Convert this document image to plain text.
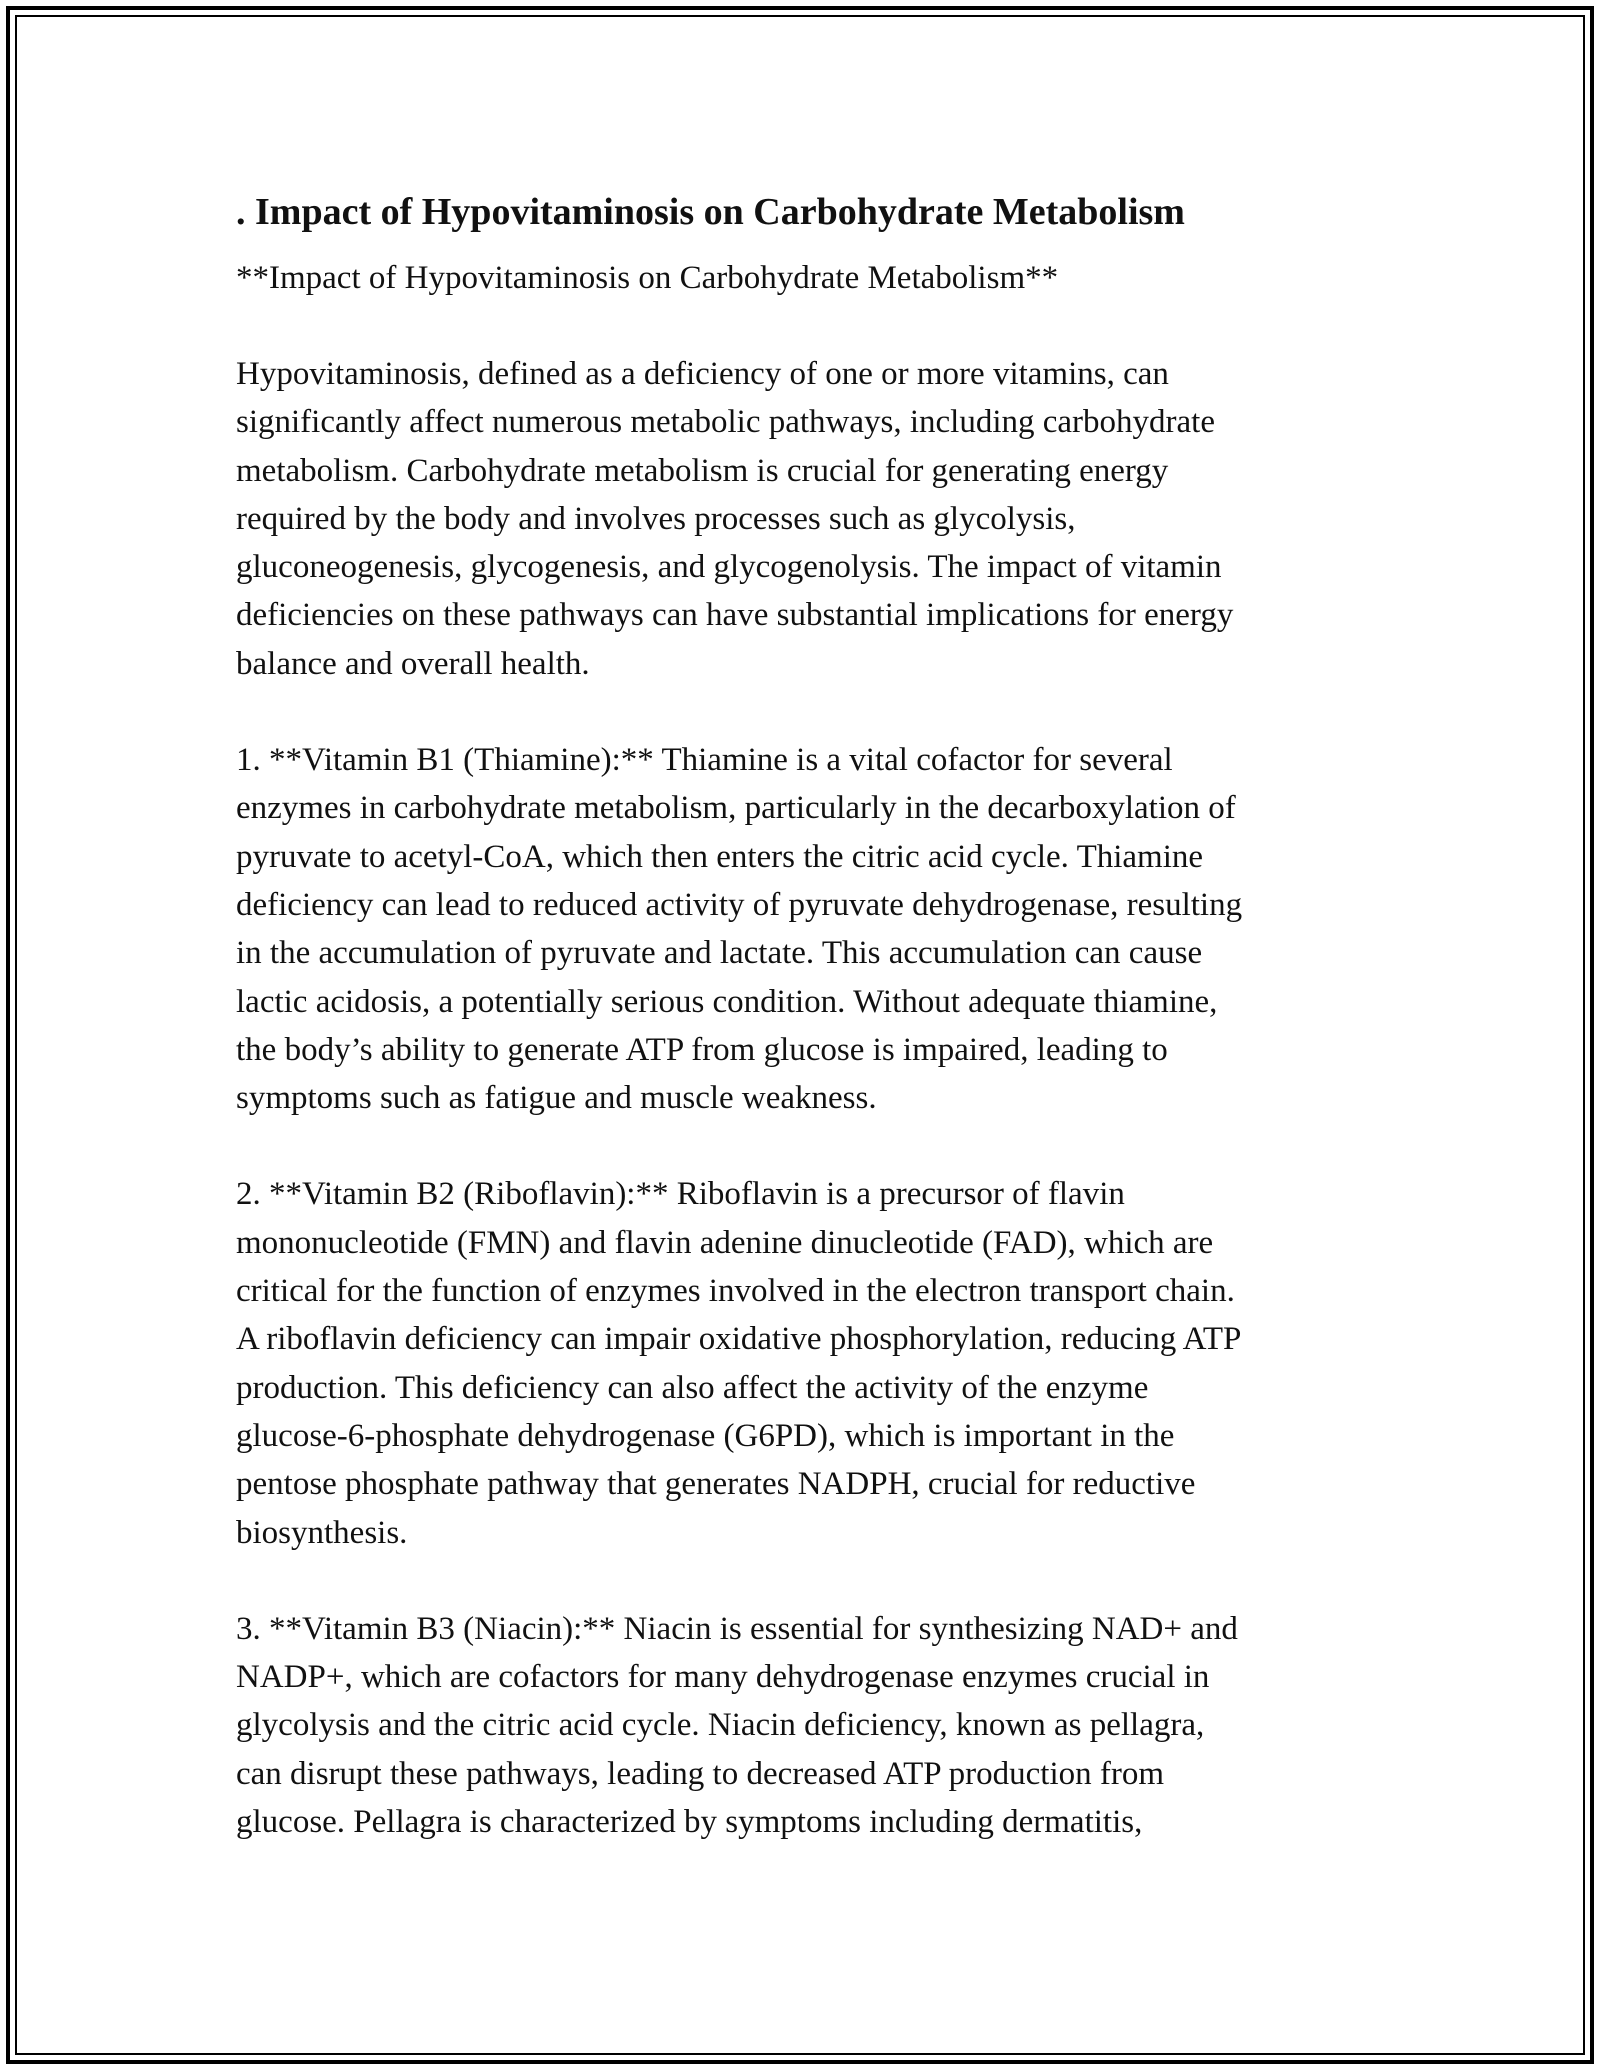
. Impact of Hypovitaminosis on Carbohydrate Metabolism

**Impact of Hypovitaminosis on Carbohydrate Metabolism**

Hypovitaminosis, defined as a deficiency of one or more vitamins, can
significantly affect numerous metabolic pathways, including carbohydrate
metabolism. Carbohydrate metabolism is crucial for generating energy
required by the body and involves processes such as glycolysis,
gluconeogenesis, glycogenesis, and glycogenolysis. The impact of vitamin
deficiencies on these pathways can have substantial implications for energy
balance and overall health.

1. **Vitamin B1 (Thiamine):** Thiamine is a vital cofactor for several
enzymes in carbohydrate metabolism, particularly in the decarboxylation of
pyruvate to acetyl-CoA, which then enters the citric acid cycle. Thiamine
deficiency can lead to reduced activity of pyruvate dehydrogenase, resulting
in the accumulation of pyruvate and lactate. This accumulation can cause
lactic acidosis, a potentially serious condition. Without adequate thiamine,
the body’s ability to generate ATP from glucose is impaired, leading to
symptoms such as fatigue and muscle weakness.

2. **Vitamin B2 (Riboflavin):** Riboflavin is a precursor of flavin
mononucleotide (FMN) and flavin adenine dinucleotide (FAD), which are
critical for the function of enzymes involved in the electron transport chain.
A riboflavin deficiency can impair oxidative phosphorylation, reducing ATP
production. This deficiency can also affect the activity of the enzyme
glucose-6-phosphate dehydrogenase (G6PD), which is important in the
pentose phosphate pathway that generates NADPH, crucial for reductive
biosynthesis.

3. **Vitamin B3 (Niacin):** Niacin is essential for synthesizing NAD+ and
NADP+, which are cofactors for many dehydrogenase enzymes crucial in
glycolysis and the citric acid cycle. Niacin deficiency, known as pellagra,
can disrupt these pathways, leading to decreased ATP production from
glucose. Pellagra is characterized by symptoms including dermatitis,
